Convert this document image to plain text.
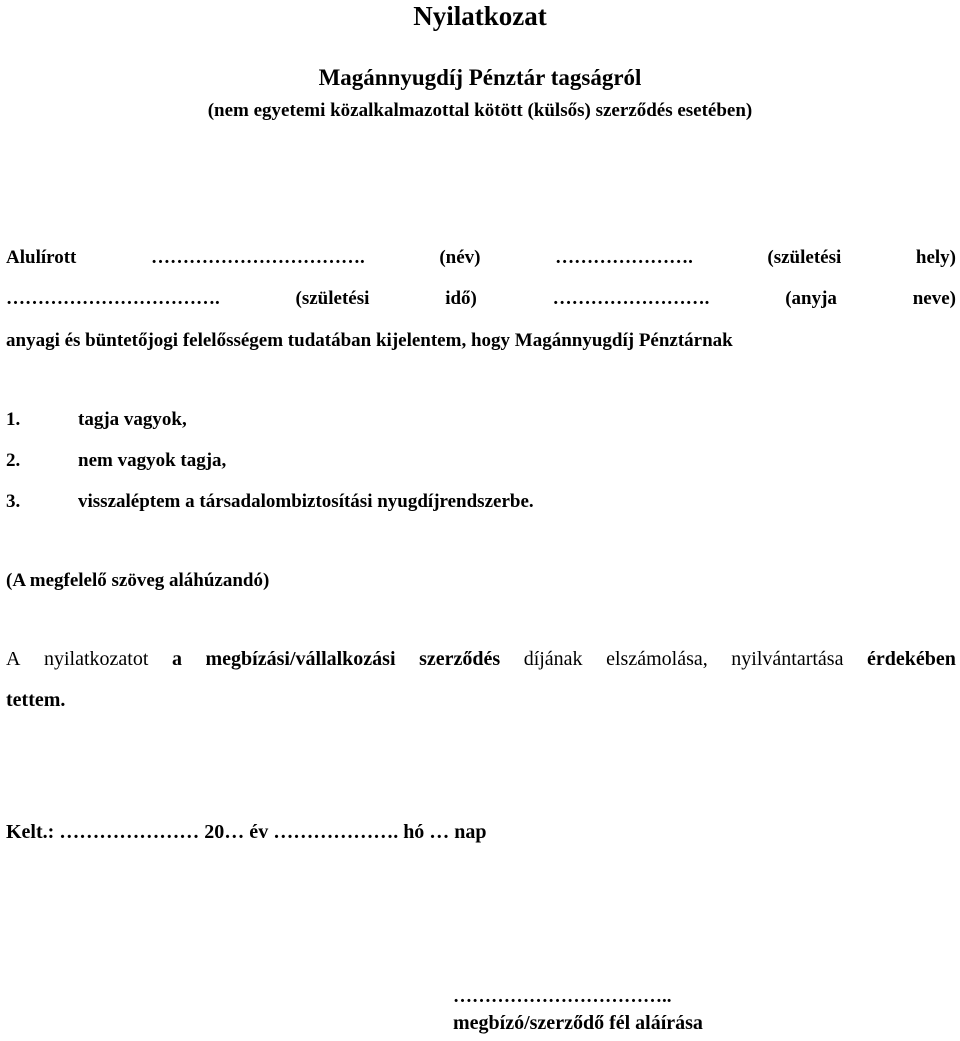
Nyilatkozat
Magánnyugdíj Pénztár tagságról
(nem egyetemi közalkalmazottal kötött (külsős) szerződés esetében)
Alulírott	…………………………….	(név)	………………….	(születési	hely)
…………………………….	(születési	idő)	…………………….	(anyja	neve)
anyagi és büntetőjogi felelősségem tudatában kijelentem, hogy Magánnyugdíj Pénztárnak
1.	tagja vagyok,
2.	nem vagyok tagja,
3.	visszaléptem a társadalombiztosítási nyugdíjrendszerbe.
(A megfelelő szöveg aláhúzandó)
A nyilatkozatot a megbízási/vállalkozási szerződés díjának elszámolása, nyilvántartása érdekében
tettem.
Kelt.: ………………… 20… év ………………. hó … nap
……………………………..
megbízó/szerződő fél aláírása
